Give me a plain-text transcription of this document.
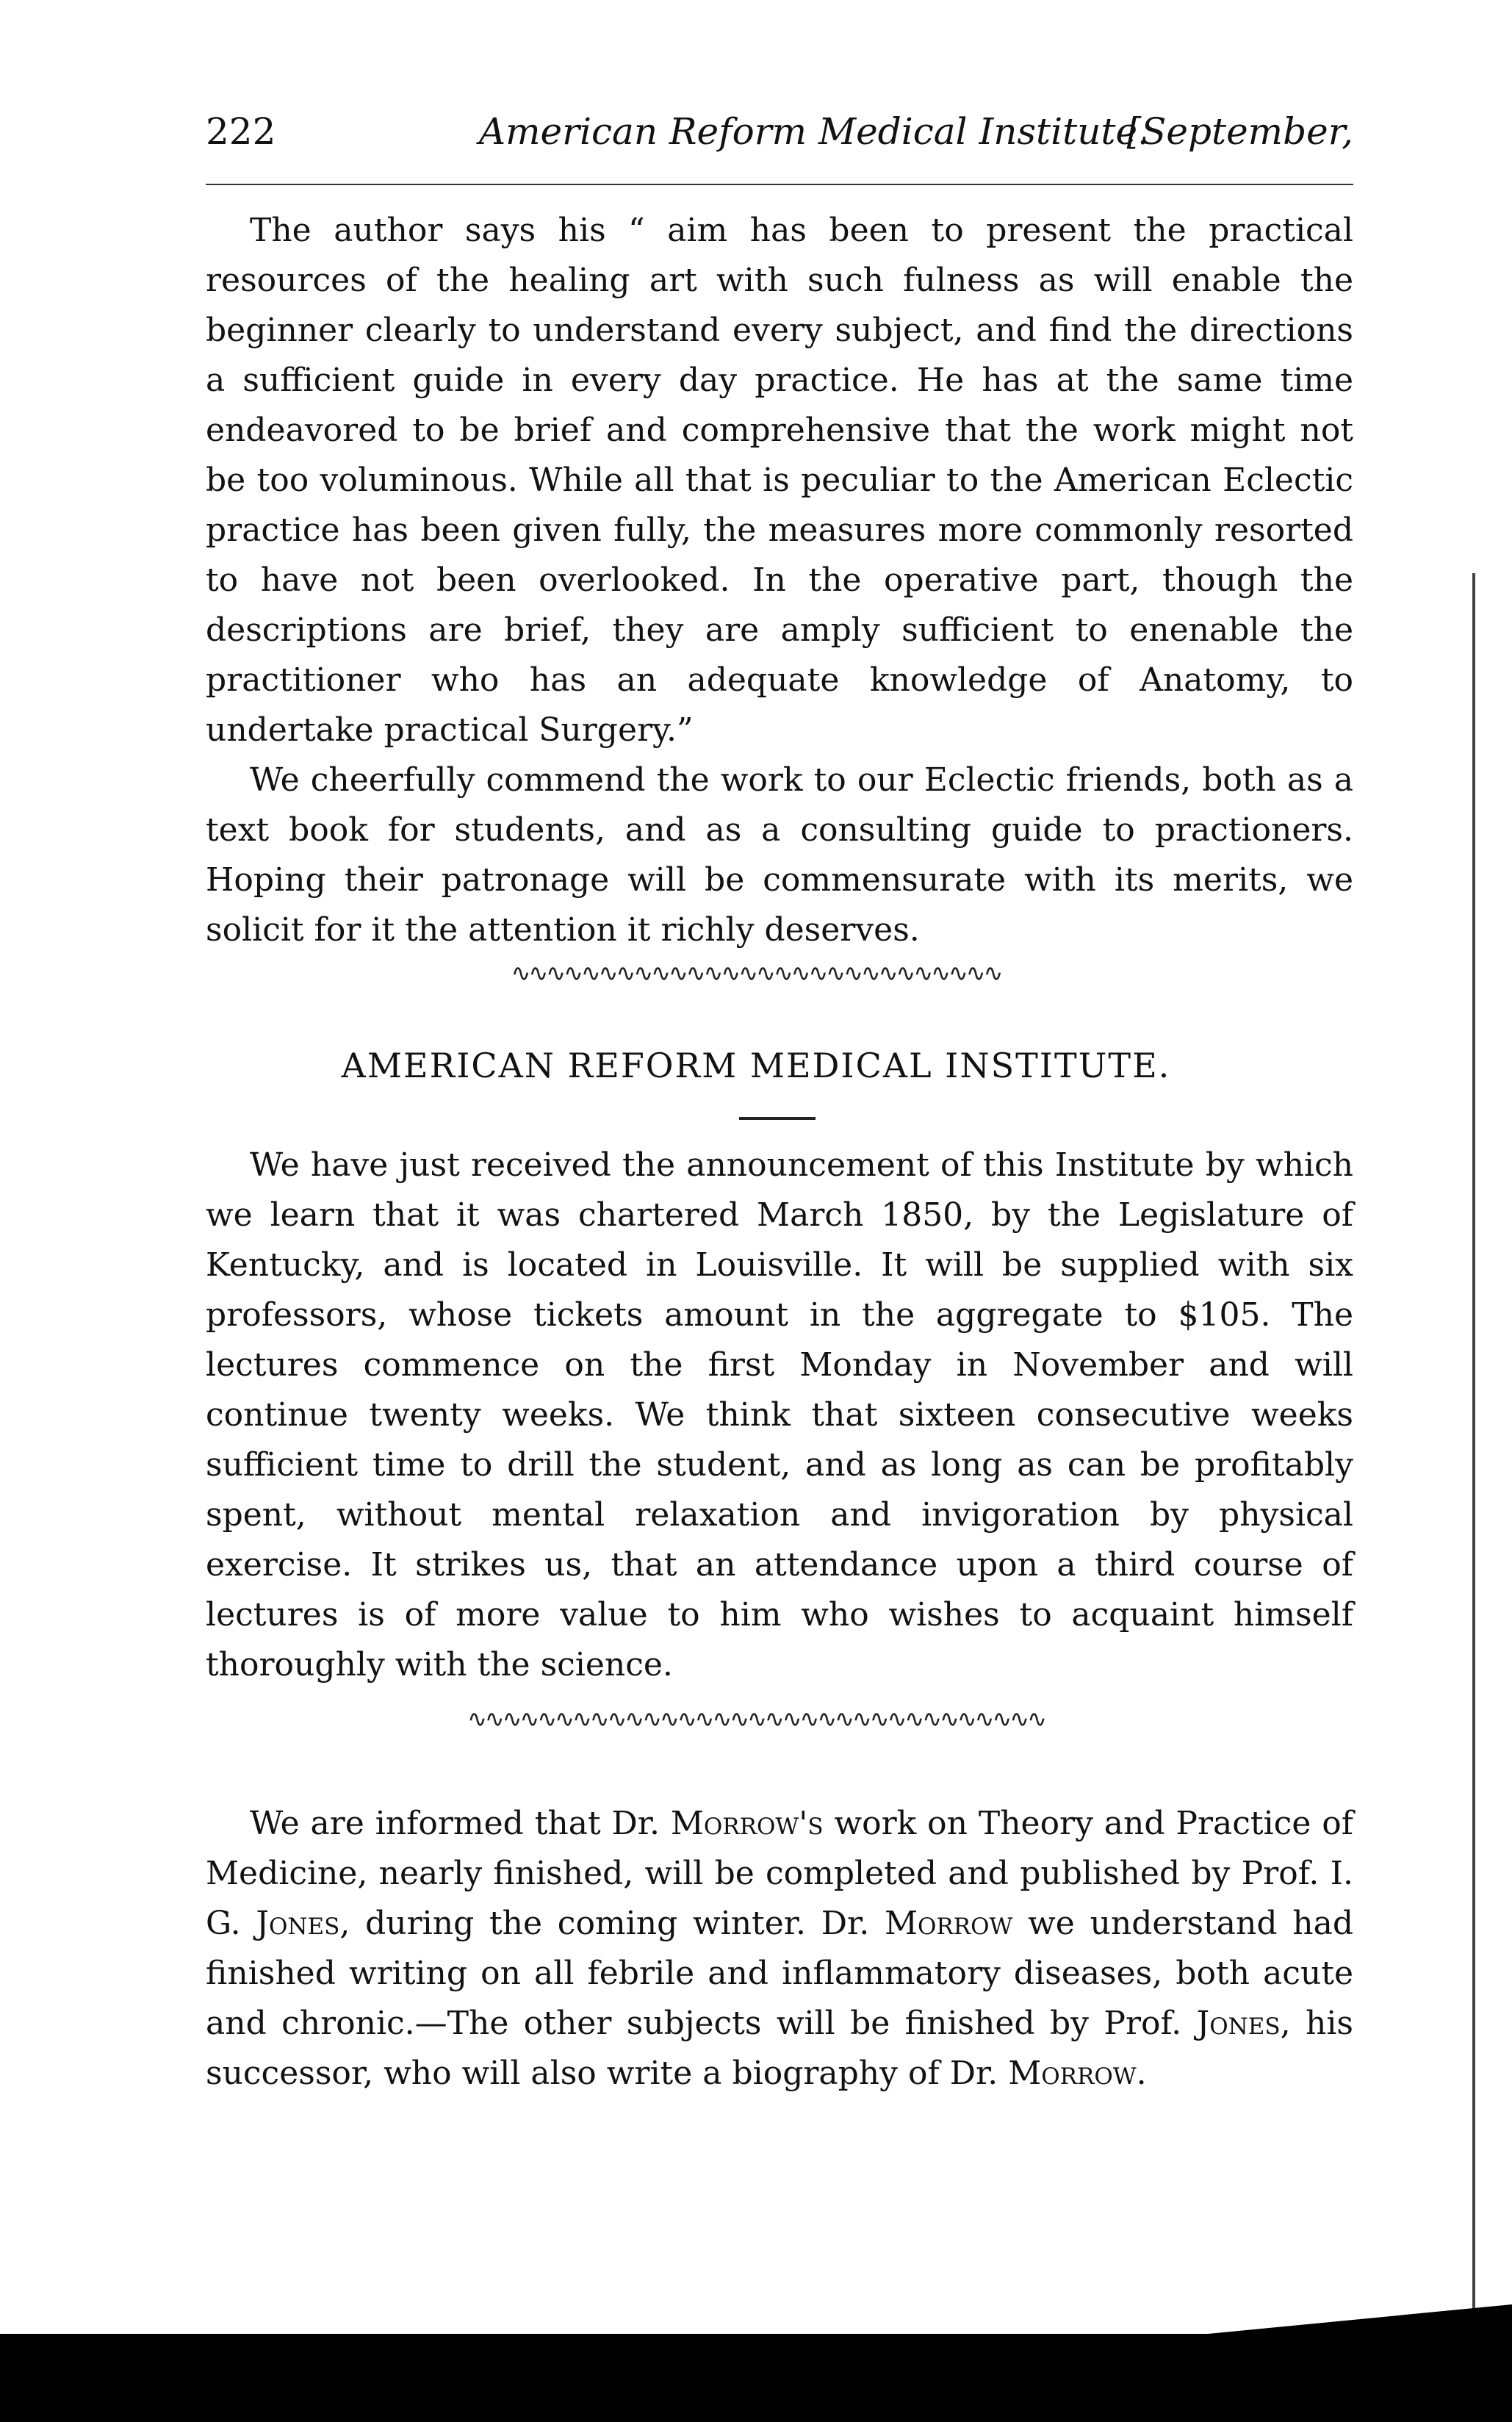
222	American Reform Medical Institute.
[September,

The author says his “ aim has been to present the practical resources of the healing art with such fulness as will enable the beginner clearly to understand every subject, and find the directions a sufficient guide in every day practice. He has at the same time endeavored to be brief and comprehensive that the work might not be too voluminous. While all that is peculiar to the American Eclectic practice has been given fully, the measures more commonly resorted to have not been overlooked. In the operative part, though the descriptions are brief, they are amply sufficient to enenable the practitioner who has an adequate knowledge of Anatomy, to undertake practical Surgery.”

We cheerfully commend the work to our Eclectic friends, both as a text book for students, and as a consulting guide to practioners. Hoping their patronage will be commensurate with its merits, we solicit for it the attention it richly deserves.

∿∿∿∿∿∿∿∿∿∿∿∿∿∿∿∿∿∿∿∿∿∿∿∿∿∿∿∿
AMERICAN REFORM MEDICAL INSTITUTE.

We have just received the announcement of this Institute by which we learn that it was chartered March 1850, by the Legislature of Kentucky, and is located in Louisville. It will be supplied with six professors, whose tickets amount in the aggregate to $105. The lectures commence on the first Monday in November and will continue twenty weeks. We think that sixteen consecutive weeks sufficient time to drill the student, and as long as can be profitably spent, without mental relaxation and invigoration by physical exercise. It strikes us, that an attendance upon a third course of lectures is of more value to him who wishes to acquaint himself thoroughly with the science.

∿∿∿∿∿∿∿∿∿∿∿∿∿∿∿∿∿∿∿∿∿∿∿∿∿∿∿∿∿∿∿∿∿

We are informed that Dr. Morrow's work on Theory and Practice of Medicine, nearly finished, will be completed and published by Prof. I. G. Jones, during the coming winter. Dr. Morrow we understand had finished writing on all febrile and inflammatory diseases, both acute and chronic.—The other subjects will be finished by Prof. Jones, his successor, who will also write a biography of Dr. Morrow.
